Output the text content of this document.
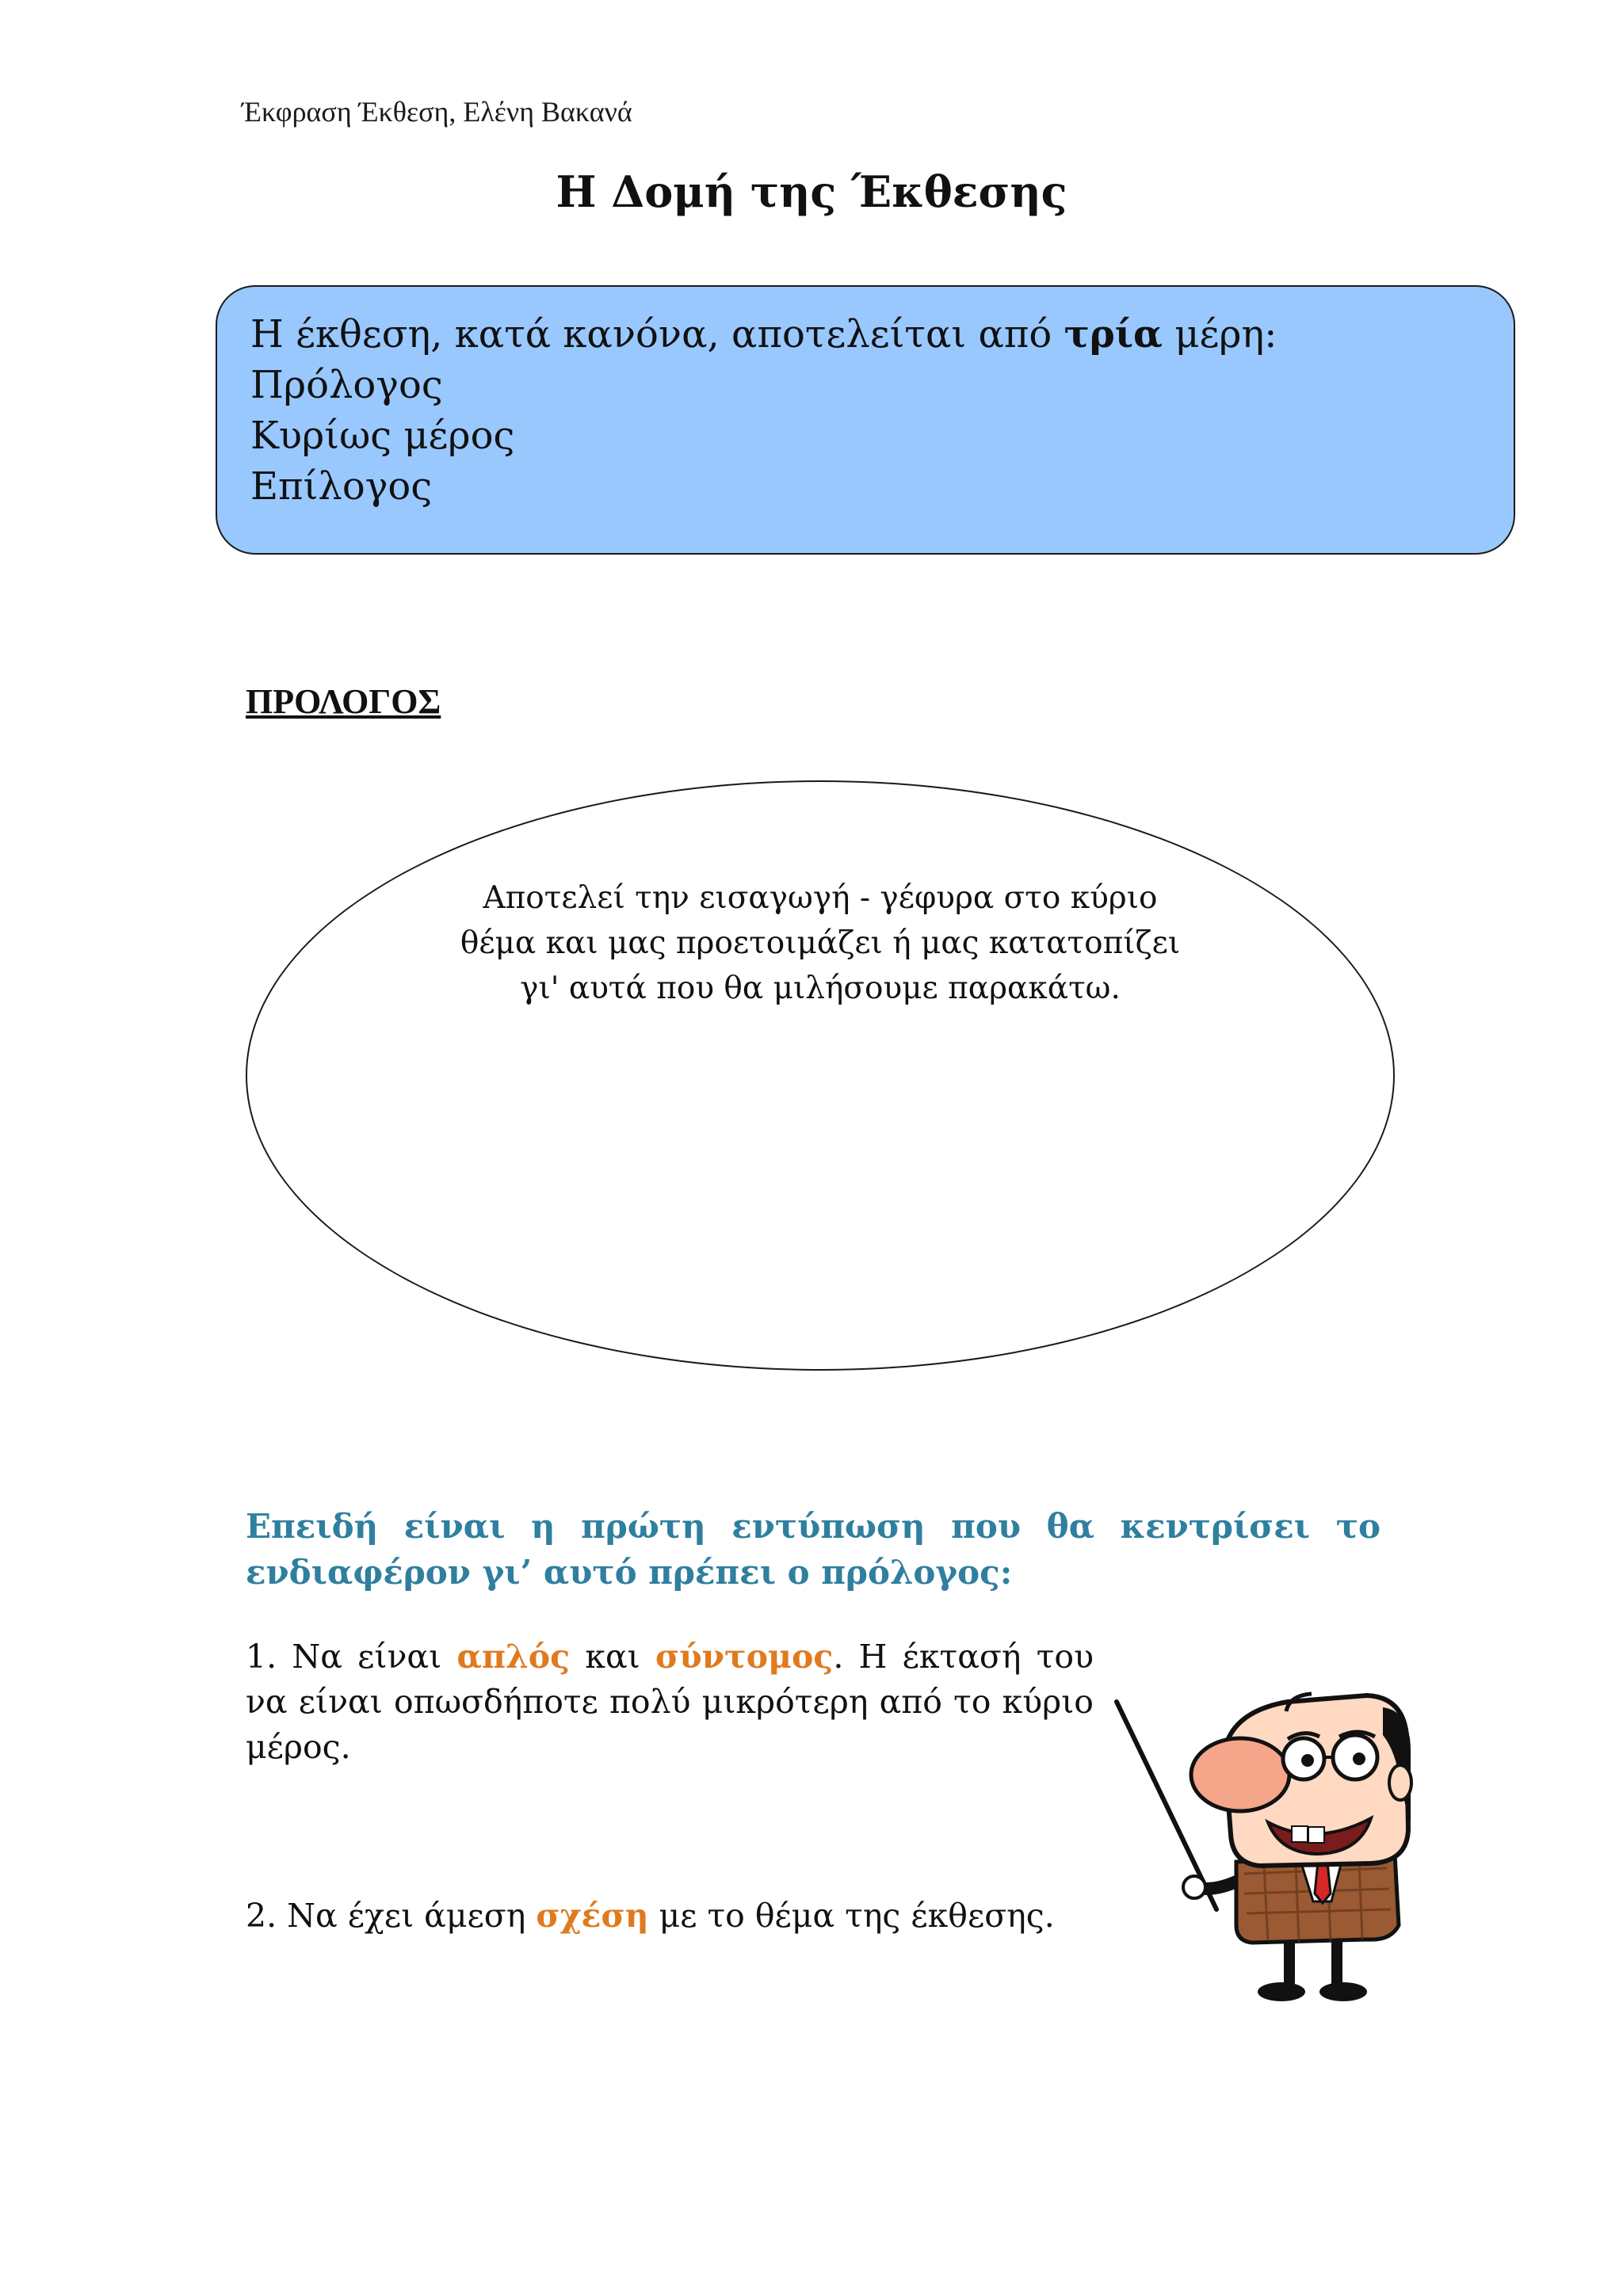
Έκφραση Έκθεση, Ελένη Βακανά
Η Δομή της Έκθεσης
Η έκθεση, κατά κανόνα, αποτελείται από τρία μέρη:
Πρόλογος
Κυρίως μέρος
Επίλογος
ΠΡΟΛΟΓΟΣ
Αποτελεί την εισαγωγή - γέφυρα στο κύριο
θέμα και μας προετοιμάζει ή μας κατατοπίζει
γι' αυτά που θα μιλήσουμε παρακάτω.
Επειδή είναι η πρώτη εντύπωση που θα κεντρίσει το ενδιαφέρον γι’ αυτό πρέπει ο πρόλογος:
1. Να είναι απλός και σύντομος. Η έκτασή του να είναι οπωσδήποτε πολύ μικρότερη από το κύριο μέρος.
2. Να έχει άμεση σχέση με το θέμα της έκθεσης.
